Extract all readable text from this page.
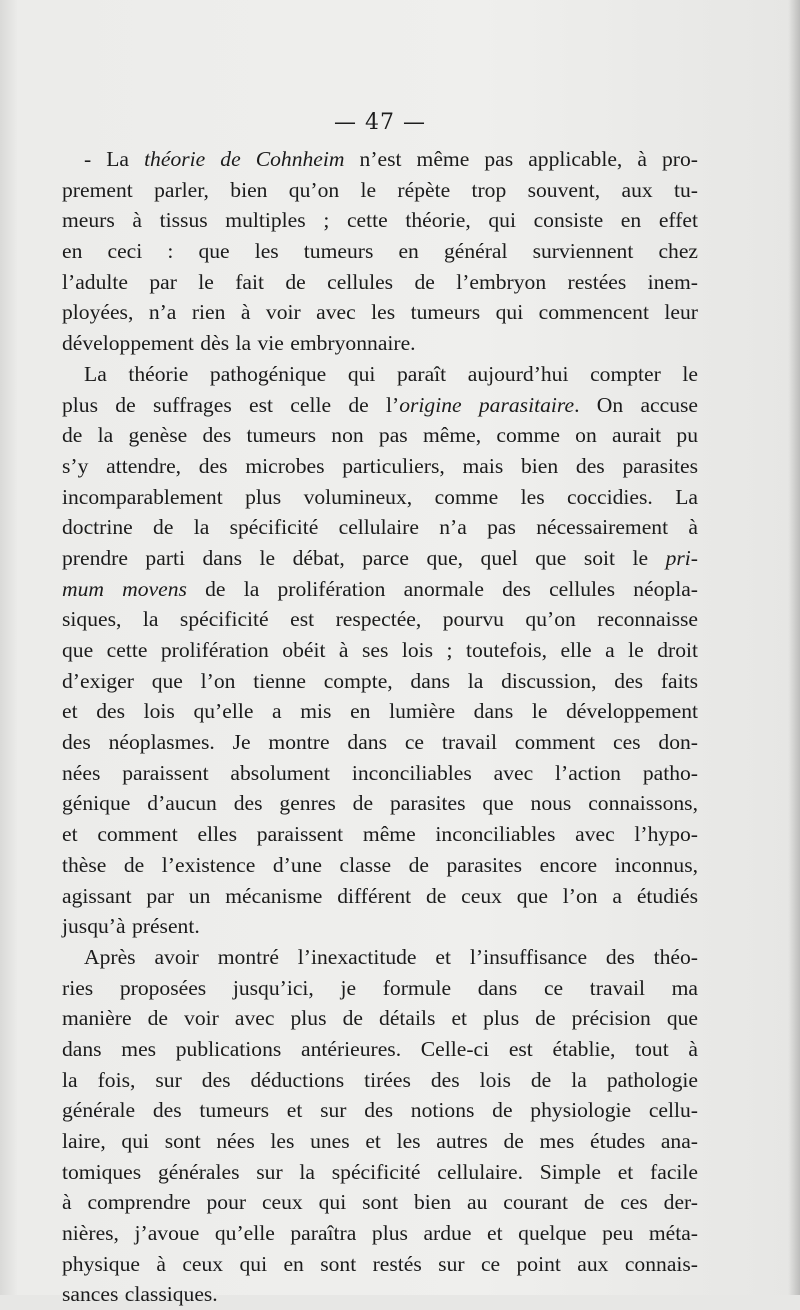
— 47 —
- La théorie de Cohnheim n’est même pas applicable, à pro-
prement parler, bien qu’on le répète trop souvent, aux tu-
meurs à tissus multiples ; cette théorie, qui consiste en effet
en ceci : que les tumeurs en général surviennent chez
l’adulte par le fait de cellules de l’embryon restées inem-
ployées, n’a rien à voir avec les tumeurs qui commencent leur
développement dès la vie embryonnaire.
La théorie pathogénique qui paraît aujourd’hui compter le
plus de suffrages est celle de l’origine parasitaire. On accuse
de la genèse des tumeurs non pas même, comme on aurait pu
s’y attendre, des microbes particuliers, mais bien des parasites
incomparablement plus volumineux, comme les coccidies. La
doctrine de la spécificité cellulaire n’a pas nécessairement à
prendre parti dans le débat, parce que, quel que soit le pri-
mum movens de la prolifération anormale des cellules néopla-
siques, la spécificité est respectée, pourvu qu’on reconnaisse
que cette prolifération obéit à ses lois ; toutefois, elle a le droit
d’exiger que l’on tienne compte, dans la discussion, des faits
et des lois qu’elle a mis en lumière dans le développement
des néoplasmes. Je montre dans ce travail comment ces don-
nées paraissent absolument inconciliables avec l’action patho-
génique d’aucun des genres de parasites que nous connaissons,
et comment elles paraissent même inconciliables avec l’hypo-
thèse de l’existence d’une classe de parasites encore inconnus,
agissant par un mécanisme différent de ceux que l’on a étudiés
jusqu’à présent.
Après avoir montré l’inexactitude et l’insuffisance des théo-
ries proposées jusqu’ici, je formule dans ce travail ma
manière de voir avec plus de détails et plus de précision que
dans mes publications antérieures. Celle-ci est établie, tout à
la fois, sur des déductions tirées des lois de la pathologie
générale des tumeurs et sur des notions de physiologie cellu-
laire, qui sont nées les unes et les autres de mes études ana-
tomiques générales sur la spécificité cellulaire. Simple et facile
à comprendre pour ceux qui sont bien au courant de ces der-
nières, j’avoue qu’elle paraîtra plus ardue et quelque peu méta-
physique à ceux qui en sont restés sur ce point aux connais-
sances classiques.
